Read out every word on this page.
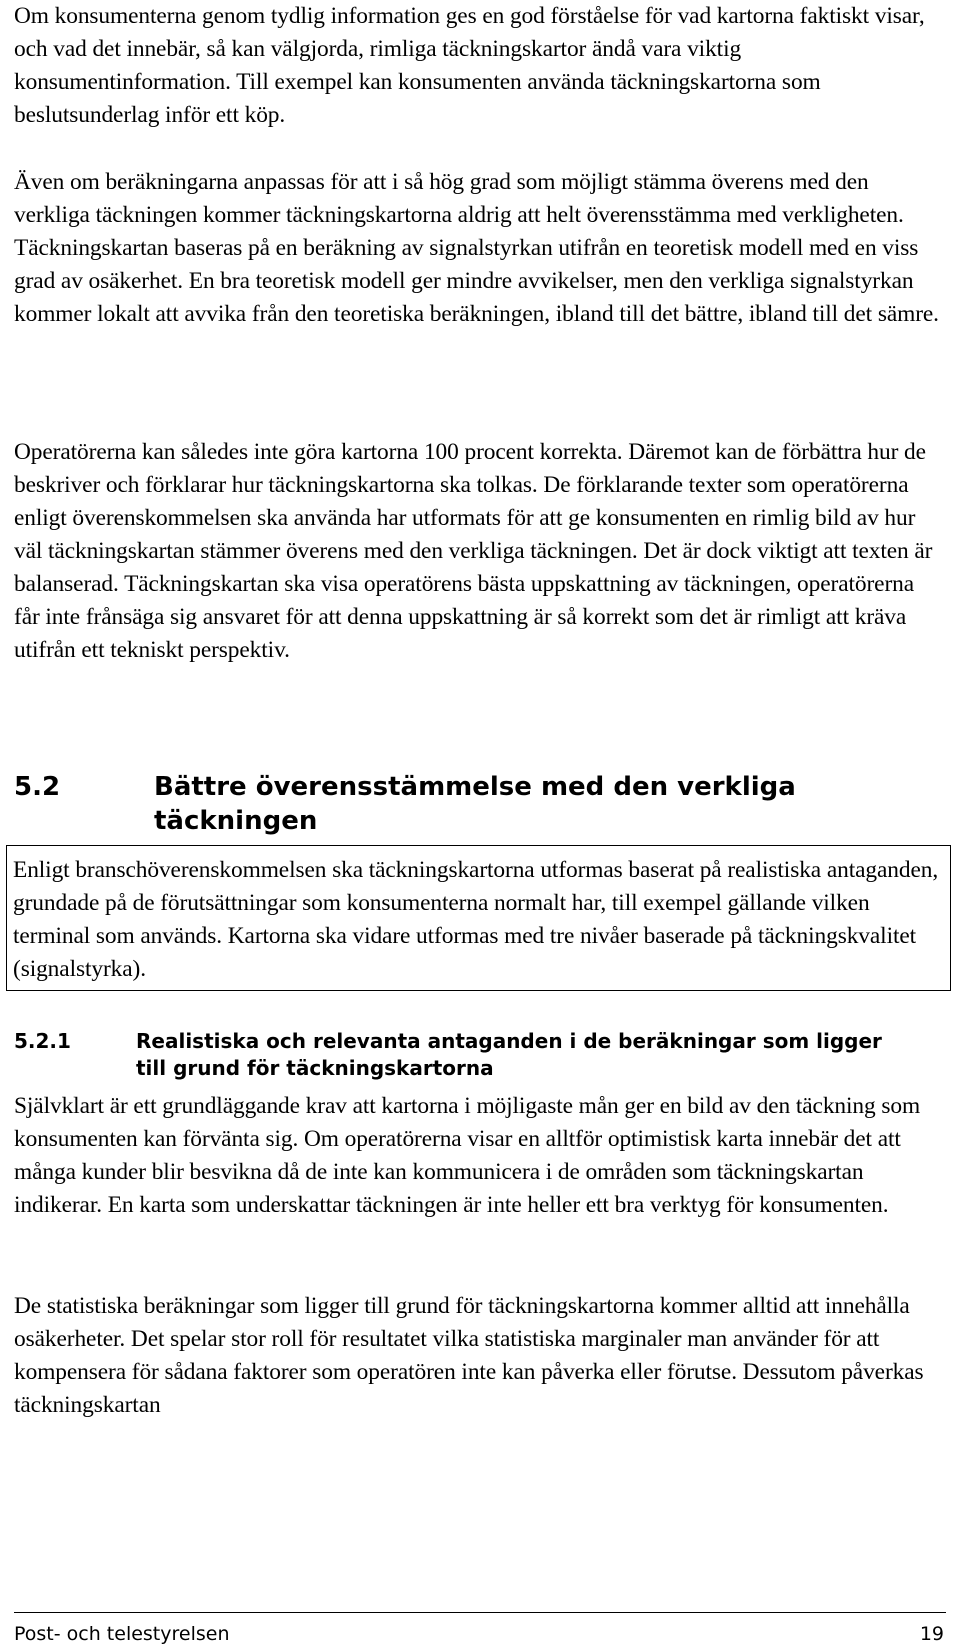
Om konsumenterna genom tydlig information ges en god förståelse för vad kartorna faktiskt visar, och vad det innebär, så kan välgjorda, rimliga täckningskartor ändå vara viktig konsumentinformation. Till exempel kan konsumenten använda täckningskartorna som beslutsunderlag inför ett köp.

Även om beräkningarna anpassas för att i så hög grad som möjligt stämma överens med den verkliga täckningen kommer täckningskartorna aldrig att helt överensstämma med verkligheten. Täckningskartan baseras på en beräkning av signalstyrkan utifrån en teoretisk modell med en viss grad av osäkerhet. En bra teoretisk modell ger mindre avvikelser, men den verkliga signalstyrkan kommer lokalt att avvika från den teoretiska beräkningen, ibland till det bättre, ibland till det sämre.

Operatörerna kan således inte göra kartorna 100 procent korrekta. Däremot kan de förbättra hur de beskriver och förklarar hur täckningskartorna ska tolkas. De förklarande texter som operatörerna enligt överenskommelsen ska använda har utformats för att ge konsumenten en rimlig bild av hur väl täckningskartan stämmer överens med den verkliga täckningen. Det är dock viktigt att texten är balanserad. Täckningskartan ska visa operatörens bästa uppskattning av täckningen, operatörerna får inte frånsäga sig ansvaret för att denna uppskattning är så korrekt som det är rimligt att kräva utifrån ett tekniskt perspektiv.

5.2	Bättre överensstämmelse med den verkliga täckningen

Enligt branschöverenskommelsen ska täckningskartorna utformas baserat på realistiska antaganden, grundade på de förutsättningar som konsumenterna normalt har, till exempel gällande vilken terminal som används. Kartorna ska vidare utformas med tre nivåer baserade på täckningskvalitet (signalstyrka).

5.2.1	Realistiska och relevanta antaganden i de beräkningar som ligger till grund för täckningskartorna

Självklart är ett grundläggande krav att kartorna i möjligaste mån ger en bild av den täckning som konsumenten kan förvänta sig. Om operatörerna visar en alltför optimistisk karta innebär det att många kunder blir besvikna då de inte kan kommunicera i de områden som täckningskartan indikerar. En karta som underskattar täckningen är inte heller ett bra verktyg för konsumenten.

De statistiska beräkningar som ligger till grund för täckningskartorna kommer alltid att innehålla osäkerheter. Det spelar stor roll för resultatet vilka statistiska marginaler man använder för att kompensera för sådana faktorer som operatören inte kan påverka eller förutse. Dessutom påverkas täckningskartan

Post- och telestyrelsen	19
